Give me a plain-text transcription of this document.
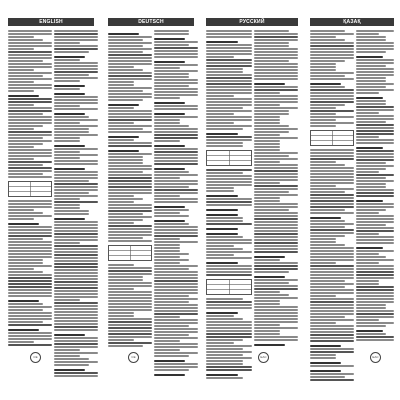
ENGLISH	DEUTSCH	РУССКИЙ	ҚАЗАҚ
CE	CE	EAC	EAC
